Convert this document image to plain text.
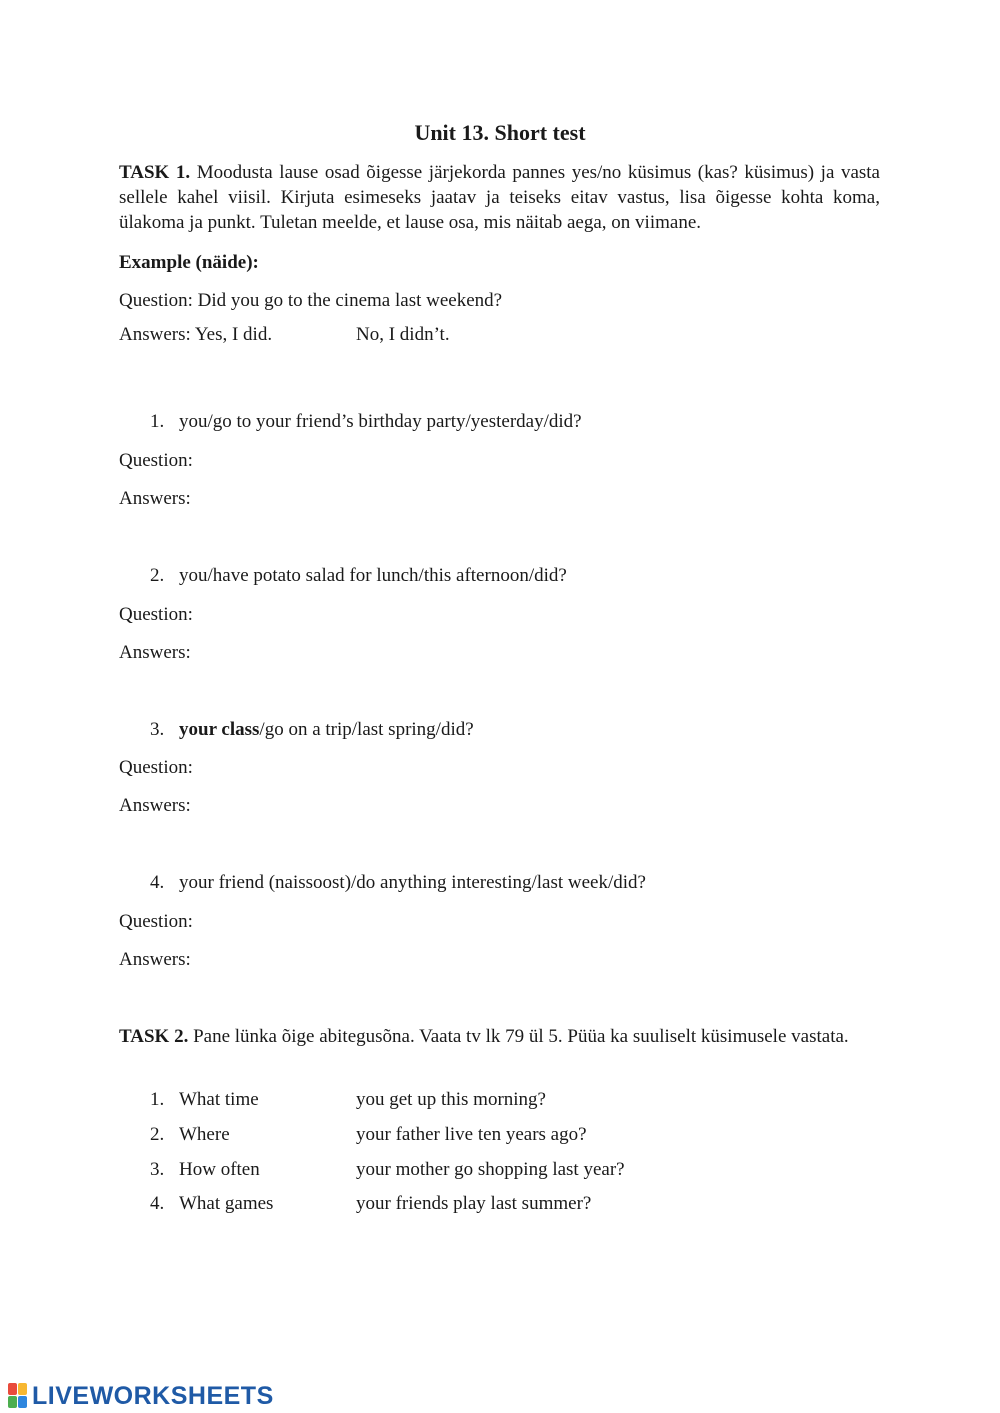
Unit 13. Short test
TASK 1. Moodusta lause osad õigesse järjekorda pannes yes/no küsimus (kas? küsimus) ja vasta sellele kahel viisil. Kirjuta esimeseks jaatav ja teiseks eitav vastus, lisa õigesse kohta koma, ülakoma ja punkt. Tuletan meelde, et lause osa, mis näitab aega, on viimane.
Example (näide):
Question: Did you go to the cinema last weekend?
Answers: Yes, I did.	No, I didn’t.
1. you/go to your friend’s birthday party/yesterday/did?
Question:
Answers:
2. you/have potato salad for lunch/this afternoon/did?
Question:
Answers:
3. your class/go on a trip/last spring/did?
Question:
Answers:
4. your friend (naissoost)/do anything interesting/last week/did?
Question:
Answers:
TASK 2. Pane lünka õige abitegusõna. Vaata tv lk 79 ül 5. Püüa ka suuliselt küsimusele vastata.
1. What time	you get up this morning?
2. Where	your father live ten years ago?
3. How often	your mother go shopping last year?
4. What games	your friends play last summer?
LIVEWORKSHEETS
